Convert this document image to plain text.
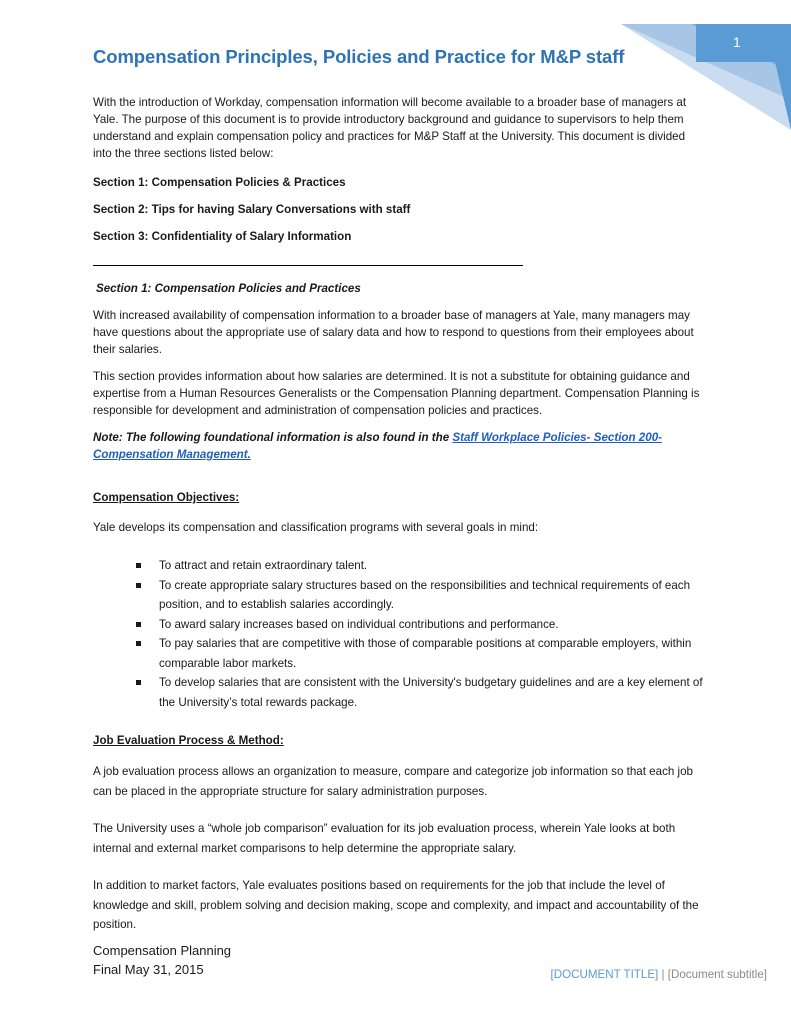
1
Compensation Principles, Policies and Practice for M&P staff

With the introduction of Workday, compensation information will become available to a broader base of managers at Yale. The purpose of this document is to provide introductory background and guidance to supervisors to help them understand and explain compensation policy and practices for M&P Staff at the University. This document is divided into the three sections listed below:

Section 1: Compensation Policies & Practices
Section 2: Tips for having Salary Conversations with staff
Section 3: Confidentiality of Salary Information
Section 1: Compensation Policies and Practices

With increased availability of compensation information to a broader base of managers at Yale, many managers may have questions about the appropriate use of salary data and how to respond to questions from their employees about their salaries.

This section provides information about how salaries are determined. It is not a substitute for obtaining guidance and expertise from a Human Resources Generalists or the Compensation Planning department. Compensation Planning is responsible for development and administration of compensation policies and practices.

Note: The following foundational information is also found in the Staff Workplace Policies- Section 200- Compensation Management.

Compensation Objectives:

Yale develops its compensation and classification programs with several goals in mind:

To attract and retain extraordinary talent.
To create appropriate salary structures based on the responsibilities and technical requirements of each position, and to establish salaries accordingly.
To award salary increases based on individual contributions and performance.
To pay salaries that are competitive with those of comparable positions at comparable employers, within comparable labor markets.
To develop salaries that are consistent with the University's budgetary guidelines and are a key element of the University’s total rewards package.
Job Evaluation Process & Method:

A job evaluation process allows an organization to measure, compare and categorize job information so that each job can be placed in the appropriate structure for salary administration purposes.

The University uses a “whole job comparison” evaluation for its job evaluation process, wherein Yale looks at both internal and external market comparisons to help determine the appropriate salary.

In addition to market factors, Yale evaluates positions based on requirements for the job that include the level of knowledge and skill, problem solving and decision making, scope and complexity, and impact and accountability of the position.

Compensation Planning
Final May 31, 2015	[DOCUMENT TITLE] | [Document subtitle]
